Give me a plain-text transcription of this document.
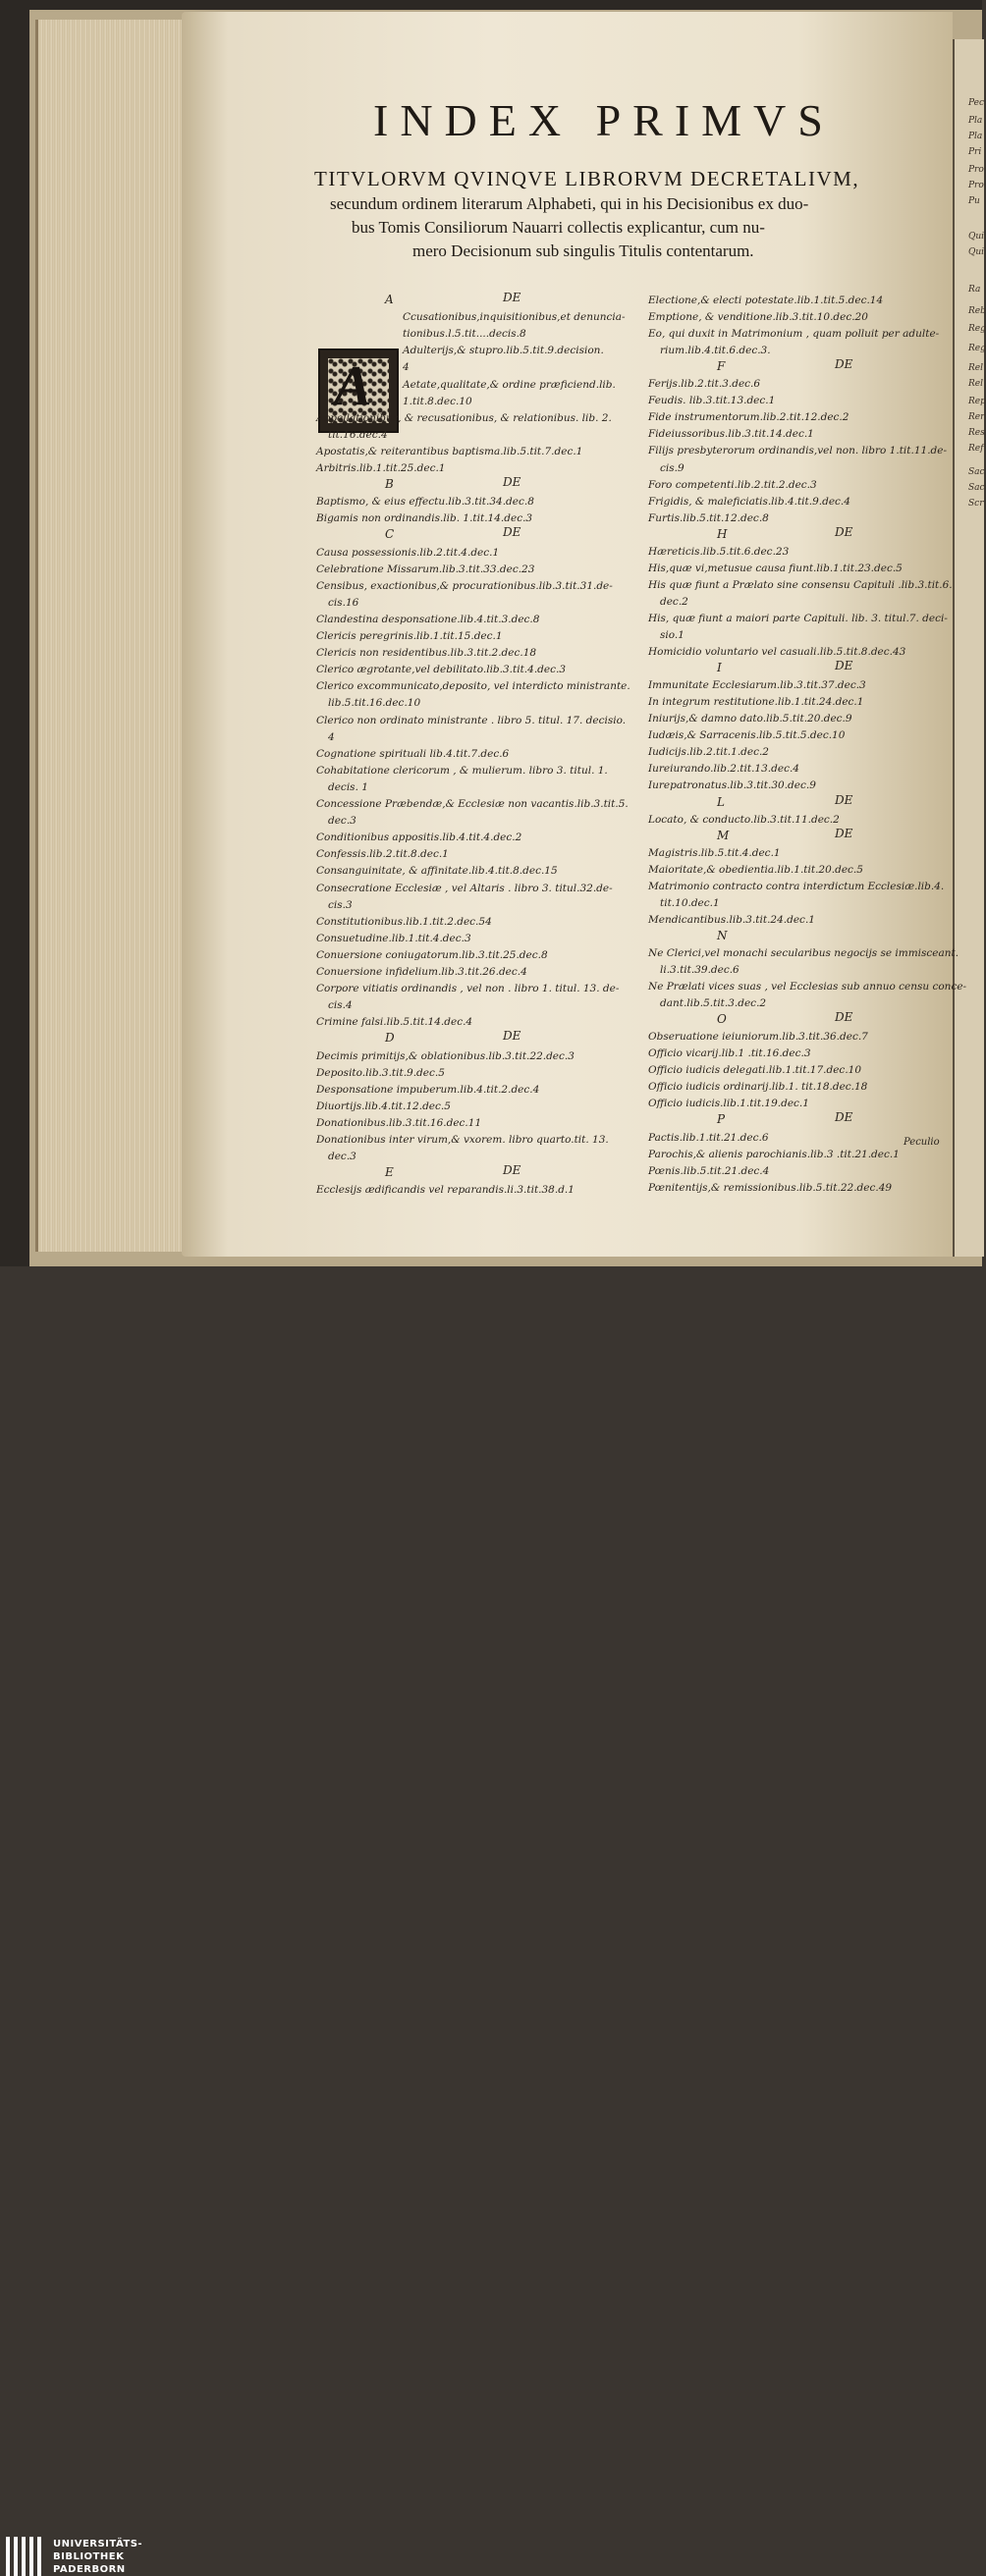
Pec
Pla
Pla
Pri
Pro
Pro
Pu
Qui
Qui
Ra
Reb
Reg
Reg
Rel
Rel
Rep
Rer
Res
Ref
Sac
Sac
Scr
INDEX PRIMVS
TITVLORVM QVINQVE LIBRORVM DECRETALIVM,
secundum ordinem literarum Alphabeti, qui in his Decisionibus ex duo-
bus Tomis Consiliorum Nauarri collectis explicantur, cum nu-
mero Decisionum sub singulis Titulis contentarum.
A
A	DE
Ccusationibus,inquisitionibus,et denuncia-
tionibus.l.5.tit....decis.8
Adulterijs,& stupro.lib.5.tit.9.decision.
4
Aetate,qualitate,& ordine præficiend.lib.
1.tit.8.dec.10
Appellationibus, & recusationibus, & relationibus. lib. 2.
tit.16.dec.4
Apostatis,& reiterantibus baptisma.lib.5.tit.7.dec.1
Arbitris.lib.1.tit.25.dec.1
B	DE
Baptismo, & eius effectu.lib.3.tit.34.dec.8
Bigamis non ordinandis.lib. 1.tit.14.dec.3
C	DE
Causa possessionis.lib.2.tit.4.dec.1
Celebratione Missarum.lib.3.tit.33.dec.23
Censibus, exactionibus,& procurationibus.lib.3.tit.31.de-
cis.16
Clandestina desponsatione.lib.4.tit.3.dec.8
Clericis peregrinis.lib.1.tit.15.dec.1
Clericis non residentibus.lib.3.tit.2.dec.18
Clerico ægrotante,vel debilitato.lib.3.tit.4.dec.3
Clerico excommunicato,deposito, vel interdicto ministrante.
lib.5.tit.16.dec.10
Clerico non ordinato ministrante . libro 5. titul. 17. decisio.
4
Cognatione spirituali lib.4.tit.7.dec.6
Cohabitatione clericorum , & mulierum. libro 3. titul. 1.
decis. 1
Concessione Præbendæ,& Ecclesiæ non vacantis.lib.3.tit.5.
dec.3
Conditionibus appositis.lib.4.tit.4.dec.2
Confessis.lib.2.tit.8.dec.1
Consanguinitate, & affinitate.lib.4.tit.8.dec.15
Consecratione Ecclesiæ , vel Altaris . libro 3. titul.32.de-
cis.3
Constitutionibus.lib.1.tit.2.dec.54
Consuetudine.lib.1.tit.4.dec.3
Conuersione coniugatorum.lib.3.tit.25.dec.8
Conuersione infidelium.lib.3.tit.26.dec.4
Corpore vitiatis ordinandis , vel non . libro 1. titul. 13. de-
cis.4
Crimine falsi.lib.5.tit.14.dec.4
D	DE
Decimis primitijs,& oblationibus.lib.3.tit.22.dec.3
Deposito.lib.3.tit.9.dec.5
Desponsatione impuberum.lib.4.tit.2.dec.4
Diuortijs.lib.4.tit.12.dec.5
Donationibus.lib.3.tit.16.dec.11
Donationibus inter virum,& vxorem. libro quarto.tit. 13.
dec.3
E	DE
Ecclesijs ædificandis vel reparandis.li.3.tit.38.d.1
Electione,& electi potestate.lib.1.tit.5.dec.14
Emptione, & venditione.lib.3.tit.10.dec.20
Eo, qui duxit in Matrimonium , quam polluit per adulte-
rium.lib.4.tit.6.dec.3.
F	DE
Ferijs.lib.2.tit.3.dec.6
Feudis. lib.3.tit.13.dec.1
Fide instrumentorum.lib.2.tit.12.dec.2
Fideiussoribus.lib.3.tit.14.dec.1
Filijs presbyterorum ordinandis,vel non. libro 1.tit.11.de-
cis.9
Foro competenti.lib.2.tit.2.dec.3
Frigidis, & maleficiatis.lib.4.tit.9.dec.4
Furtis.lib.5.tit.12.dec.8
H	DE
Hæreticis.lib.5.tit.6.dec.23
His,quæ vi,metusue causa fiunt.lib.1.tit.23.dec.5
His quæ fiunt a Prælato sine consensu Capituli .lib.3.tit.6.
dec.2
His, quæ fiunt a maiori parte Capituli. lib. 3. titul.7. deci-
sio.1
Homicidio voluntario vel casuali.lib.5.tit.8.dec.43
I	DE
Immunitate Ecclesiarum.lib.3.tit.37.dec.3
In integrum restitutione.lib.1.tit.24.dec.1
Iniurijs,& damno dato.lib.5.tit.20.dec.9
Iudæis,& Sarracenis.lib.5.tit.5.dec.10
Iudicijs.lib.2.tit.1.dec.2
Iureiurando.lib.2.tit.13.dec.4
Iurepatronatus.lib.3.tit.30.dec.9
L	DE
Locato, & conducto.lib.3.tit.11.dec.2
M	DE
Magistris.lib.5.tit.4.dec.1
Maioritate,& obedientia.lib.1.tit.20.dec.5
Matrimonio contracto contra interdictum Ecclesiæ.lib.4.
tit.10.dec.1
Mendicantibus.lib.3.tit.24.dec.1
N
Ne Clerici,vel monachi secularibus negocijs se immisceant.
li.3.tit.39.dec.6
Ne Prælati vices suas , vel Ecclesias sub annuo censu conce-
dant.lib.5.tit.3.dec.2
O	DE
Obseruatione ieiuniorum.lib.3.tit.36.dec.7
Officio vicarij.lib.1 .tit.16.dec.3
Officio iudicis delegati.lib.1.tit.17.dec.10
Officio iudicis ordinarij.lib.1. tit.18.dec.18
Officio iudicis.lib.1.tit.19.dec.1
P	DE
Pactis.lib.1.tit.21.dec.6
Parochis,& alienis parochianis.lib.3 .tit.21.dec.1
Pœnis.lib.5.tit.21.dec.4
Pœnitentijs,& remissionibus.lib.5.tit.22.dec.49
Peculio
UNIVERSITÄTS-
BIBLIOTHEK
PADERBORN
